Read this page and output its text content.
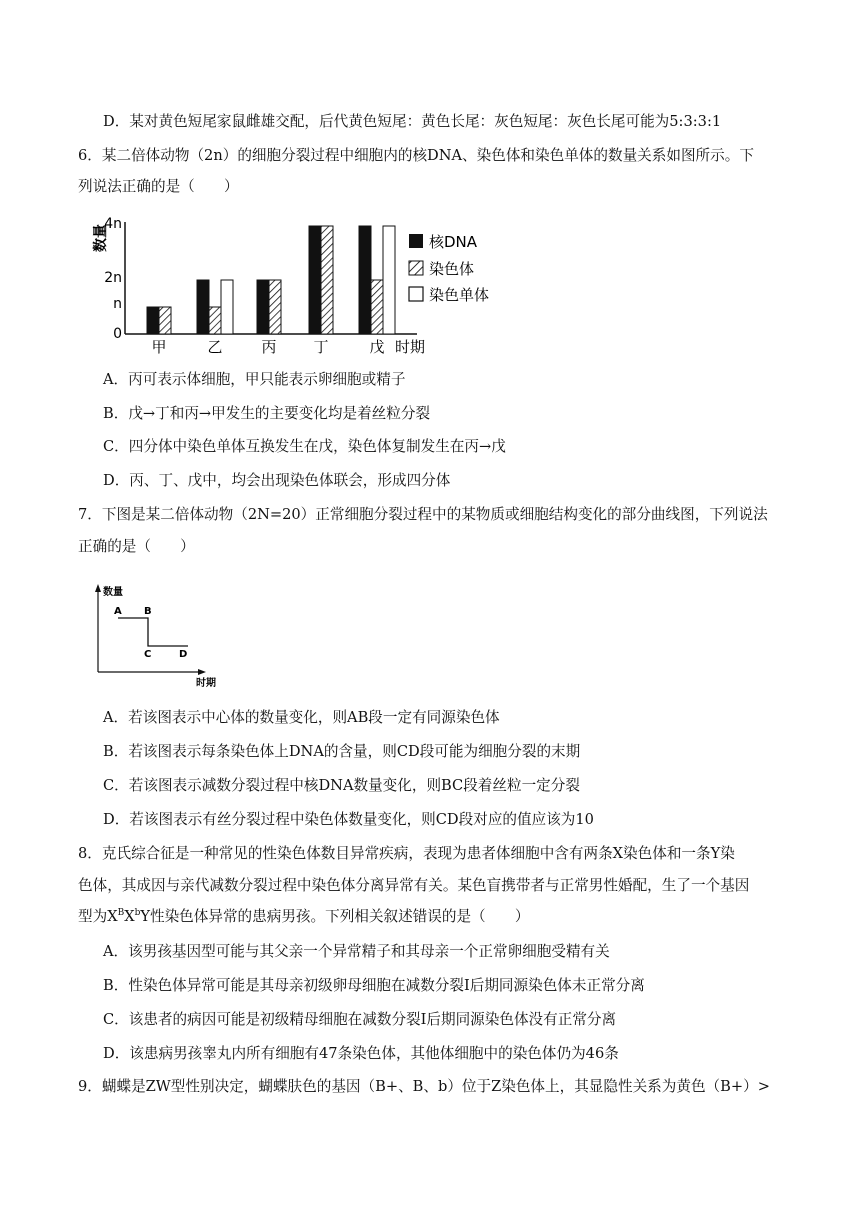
D．某对黄色短尾家鼠雌雄交配，后代黄色短尾：黄色长尾：灰色短尾：灰色长尾可能为5:3:3:1
6．某二倍体动物（2n）的细胞分裂过程中细胞内的核DNA、染色体和染色单体的数量关系如图所示。下
列说法正确的是（　　）
数量
4n
2n
n
0
甲	乙	丙 丁	戊 时期
核DNA
染色体
染色单体
A．丙可表示体细胞，甲只能表示卵细胞或精子
B．戊→丁和丙→甲发生的主要变化均是着丝粒分裂
C．四分体中染色单体互换发生在戊，染色体复制发生在丙→戊
D．丙、丁、戊中，均会出现染色体联会，形成四分体
7．下图是某二倍体动物（2N=20）正常细胞分裂过程中的某物质或细胞结构变化的部分曲线图，下列说法
正确的是（　　）
数量
时期
A B
C	D
A．若该图表示中心体的数量变化，则AB段一定有同源染色体
B．若该图表示每条染色体上DNA的含量，则CD段可能为细胞分裂的末期
C．若该图表示减数分裂过程中核DNA数量变化，则BC段着丝粒一定分裂
D．若该图表示有丝分裂过程中染色体数量变化，则CD段对应的值应该为10
8．克氏综合征是一种常见的性染色体数目异常疾病，表现为患者体细胞中含有两条X染色体和一条Y染
色体，其成因与亲代减数分裂过程中染色体分离异常有关。某色盲携带者与正常男性婚配，生了一个基因
型为$X^BX^bY$性染色体异常的患病男孩。下列相关叙述错误的是（　　）
A．该男孩基因型可能与其父亲一个异常精子和其母亲一个正常卵细胞受精有关
B．性染色体异常可能是其母亲初级卵母细胞在减数分裂Ⅰ后期同源染色体未正常分离
C．该患者的病因可能是初级精母细胞在减数分裂Ⅰ后期同源染色体没有正常分离
D．该患病男孩睾丸内所有细胞有47条染色体，其他体细胞中的染色体仍为46条
9．蝴蝶是ZW型性别决定，蝴蝶肤色的基因（B+、B、b）位于Z染色体上，其显隐性关系为黄色（B+）>
